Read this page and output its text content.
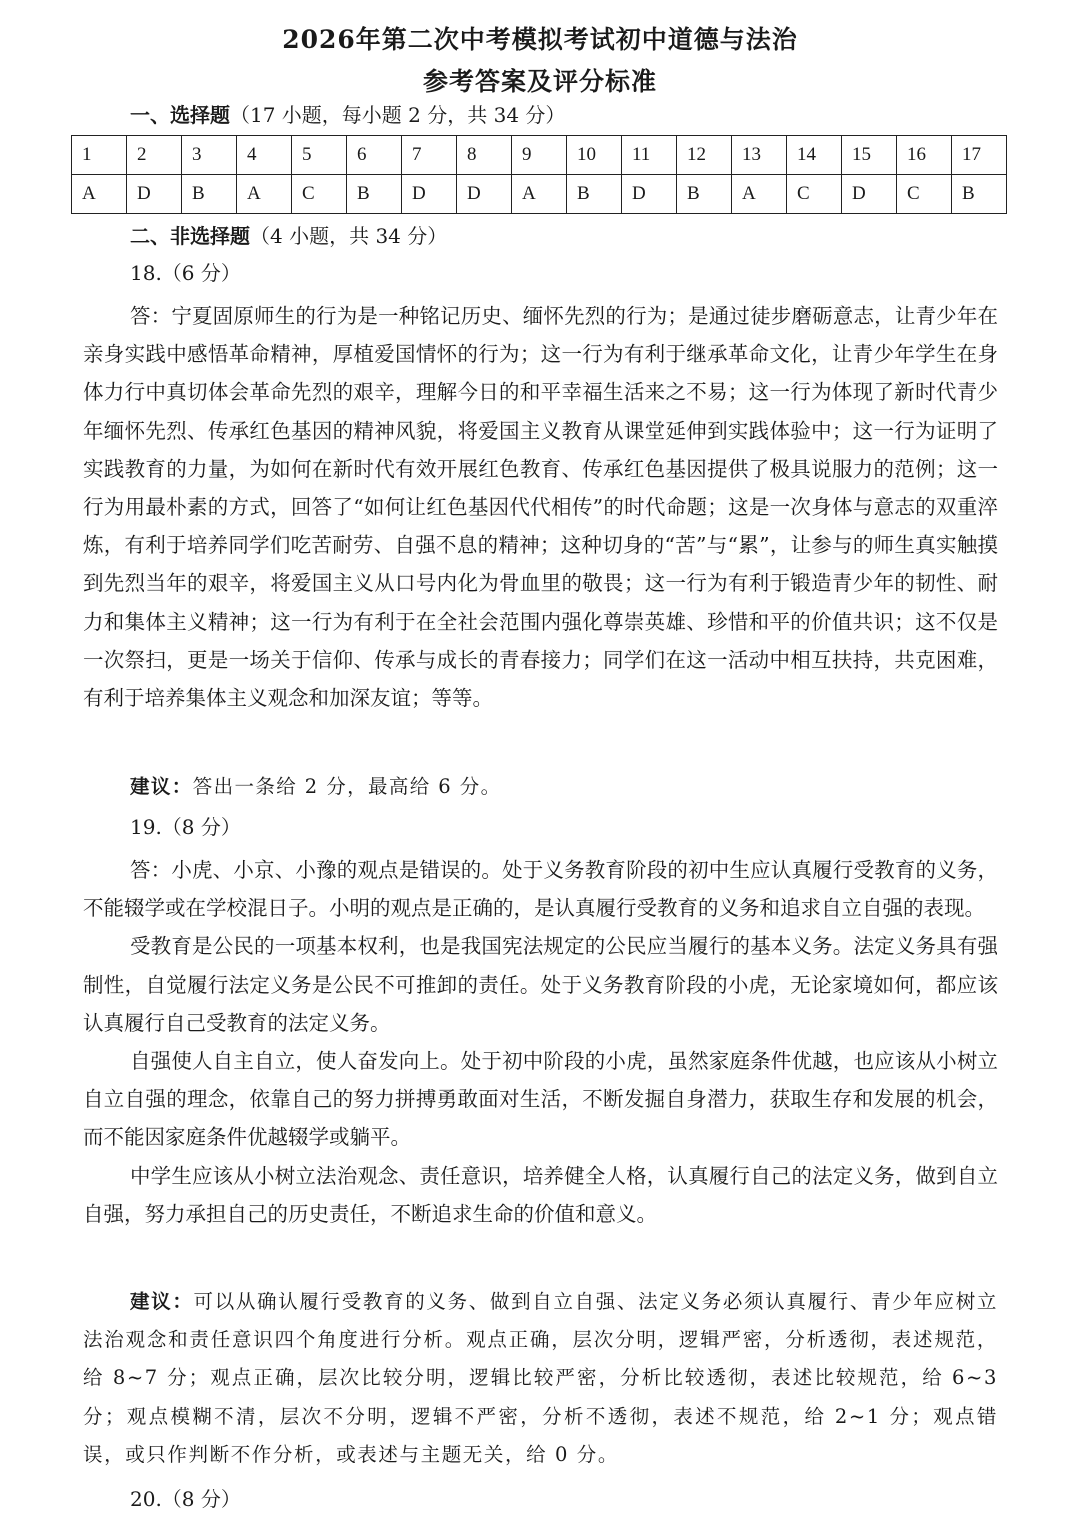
2026年第二次中考模拟考试初中道德与法治
参考答案及评分标准
一、选择题（17 小题，每小题 2 分，共 34 分）
1	2	3	4	5	6	7	8	9	10	11	12	13	14	15	16	17
A	D	B	A	C	B	D	D	A	B	D	B	A	C	D	C	B
二、非选择题（4 小题，共 34 分）
18.（6 分）

答：宁夏固原师生的行为是一种铭记历史、缅怀先烈的行为；是通过徒步磨砺意志，让青少年在亲身实践中感悟革命精神，厚植爱国情怀的行为；这一行为有利于继承革命文化，让青少年学生在身体力行中真切体会革命先烈的艰辛，理解今日的和平幸福生活来之不易；这一行为体现了新时代青少年缅怀先烈、传承红色基因的精神风貌，将爱国主义教育从课堂延伸到实践体验中；这一行为证明了实践教育的力量，为如何在新时代有效开展红色教育、传承红色基因提供了极具说服力的范例；这一行为用最朴素的方式，回答了“如何让红色基因代代相传”的时代命题；这是一次身体与意志的双重淬炼，有利于培养同学们吃苦耐劳、自强不息的精神；这种切身的“苦”与“累”，让参与的师生真实触摸到先烈当年的艰辛，将爱国主义从口号内化为骨血里的敬畏；这一行为有利于锻造青少年的韧性、耐力和集体主义精神；这一行为有利于在全社会范围内强化尊崇英雄、珍惜和平的价值共识；这不仅是一次祭扫，更是一场关于信仰、传承与成长的青春接力；同学们在这一活动中相互扶持，共克困难，有利于培养集体主义观念和加深友谊；等等。

建议：答出一条给 2 分，最高给 6 分。
19.（8 分）

答：小虎、小京、小豫的观点是错误的。处于义务教育阶段的初中生应认真履行受教育的义务，不能辍学或在学校混日子。小明的观点是正确的，是认真履行受教育的义务和追求自立自强的表现。

受教育是公民的一项基本权利，也是我国宪法规定的公民应当履行的基本义务。法定义务具有强制性，自觉履行法定义务是公民不可推卸的责任。处于义务教育阶段的小虎，无论家境如何，都应该认真履行自己受教育的法定义务。

自强使人自主自立，使人奋发向上。处于初中阶段的小虎，虽然家庭条件优越，也应该从小树立自立自强的理念，依靠自己的努力拼搏勇敢面对生活，不断发掘自身潜力，获取生存和发展的机会，而不能因家庭条件优越辍学或躺平。

中学生应该从小树立法治观念、责任意识，培养健全人格，认真履行自己的法定义务，做到自立自强，努力承担自己的历史责任，不断追求生命的价值和意义。

建议：可以从确认履行受教育的义务、做到自立自强、法定义务必须认真履行、青少年应树立法治观念和责任意识四个角度进行分析。观点正确，层次分明，逻辑严密，分析透彻，表述规范，给 8~7 分；观点正确，层次比较分明，逻辑比较严密，分析比较透彻，表述比较规范，给 6~3 分；观点模糊不清，层次不分明，逻辑不严密，分析不透彻，表述不规范，给 2~1 分；观点错误，或只作判断不作分析，或表述与主题无关，给 0 分。
20.（8 分）
